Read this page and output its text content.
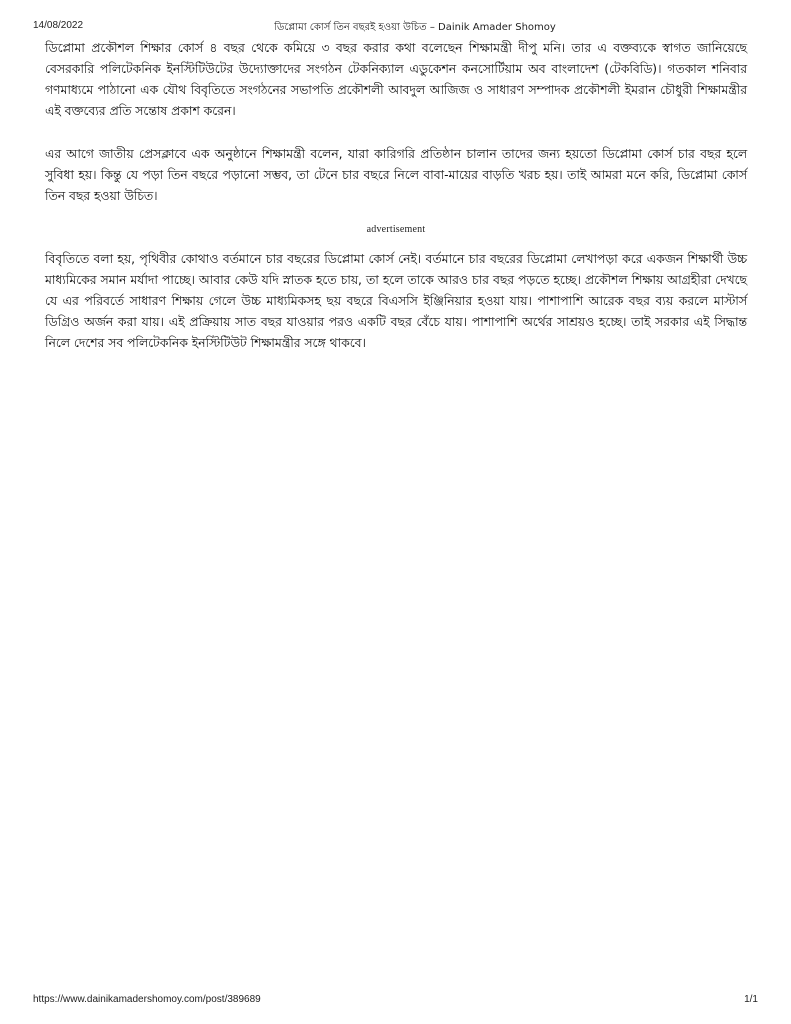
14/08/2022	ডিপ্লোমা কোর্স তিন বছরই হওয়া উচিত – Dainik Amader Shomoy

ডিপ্লোমা প্রকৌশল শিক্ষার কোর্স ৪ বছর থেকে কমিয়ে ৩ বছর করার কথা বলেছেন শিক্ষামন্ত্রী দীপু মনি। তার এ বক্তব্যকে স্বাগত জানিয়েছে বেসরকারি পলিটেকনিক ইনস্টিটিউটের উদ্যোক্তাদের সংগঠন টেকনিক্যাল এডুকেশন কনসোর্টিয়াম অব বাংলাদেশ (টেকবিডি)। গতকাল শনিবার গণমাধ্যমে পাঠানো এক যৌথ বিবৃতিতে সংগঠনের সভাপতি প্রকৌশলী আবদুল আজিজ ও সাধারণ সম্পাদক প্রকৌশলী ইমরান চৌধুরী শিক্ষামন্ত্রীর এই বক্তব্যের প্রতি সন্তোষ প্রকাশ করেন।

এর আগে জাতীয় প্রেসক্লাবে এক অনুষ্ঠানে শিক্ষামন্ত্রী বলেন, যারা কারিগরি প্রতিষ্ঠান চালান তাদের জন্য হয়তো ডিপ্লোমা কোর্স চার বছর হলে সুবিধা হয়। কিন্তু যে পড়া তিন বছরে পড়ানো সম্ভব, তা টেনে চার বছরে নিলে বাবা-মায়ের বাড়তি খরচ হয়। তাই আমরা মনে করি, ডিপ্লোমা কোর্স তিন বছর হওয়া উচিত।

advertisement

বিবৃতিতে বলা হয়, পৃথিবীর কোথাও বর্তমানে চার বছরের ডিপ্লোমা কোর্স নেই। বর্তমানে চার বছরের ডিপ্লোমা লেখাপড়া করে একজন শিক্ষার্থী উচ্চ মাধ্যমিকের সমান মর্যাদা পাচ্ছে। আবার কেউ যদি স্নাতক হতে চায়, তা হলে তাকে আরও চার বছর পড়তে হচ্ছে। প্রকৌশল শিক্ষায় আগ্রহীরা দেখছে যে এর পরিবর্তে সাধারণ শিক্ষায় গেলে উচ্চ মাধ্যমিকসহ ছয় বছরে বিএসসি ইঞ্জিনিয়ার হওয়া যায়। পাশাপাশি আরেক বছর ব্যয় করলে মাস্টার্স ডিগ্রিও অর্জন করা যায়। এই প্রক্রিয়ায় সাত বছর যাওয়ার পরও একটি বছর বেঁচে যায়। পাশাপাশি অর্থের সাশ্রয়ও হচ্ছে। তাই সরকার এই সিদ্ধান্ত নিলে দেশের সব পলিটেকনিক ইনস্টিটিউট শিক্ষামন্ত্রীর সঙ্গে থাকবে।

https://www.dainikamadershomoy.com/post/389689	1/1
